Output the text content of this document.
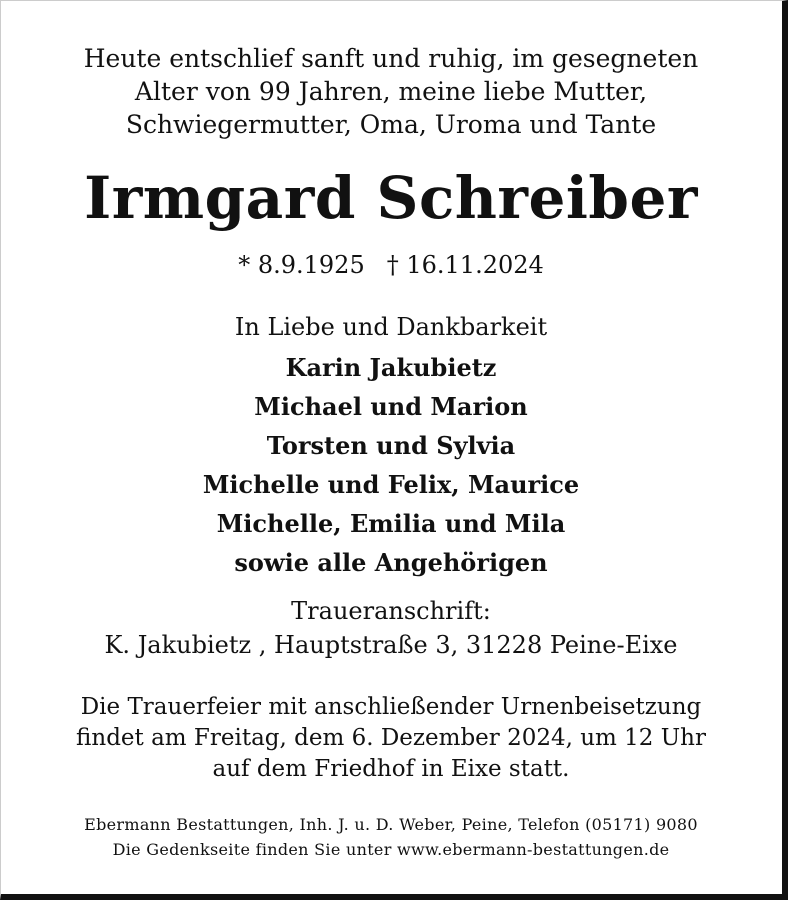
Heute entschlief sanft und ruhig, im gesegneten
Alter von 99 Jahren, meine liebe Mutter,
Schwiegermutter, Oma, Uroma und Tante
Irmgard Schreiber
* 8.9.1925 † 16.11.2024
In Liebe und Dankbarkeit
Karin Jakubietz
Michael und Marion
Torsten und Sylvia
Michelle und Felix, Maurice
Michelle, Emilia und Mila
sowie alle Angehörigen
Traueranschrift:
K. Jakubietz , Hauptstraße 3, 31228 Peine-Eixe
Die Trauerfeier mit anschließender Urnenbeisetzung
findet am Freitag, dem 6. Dezember 2024, um 12 Uhr
auf dem Friedhof in Eixe statt.
Ebermann Bestattungen, Inh. J. u. D. Weber, Peine, Telefon (05171) 9080
Die Gedenkseite finden Sie unter www.ebermann-bestattungen.de
